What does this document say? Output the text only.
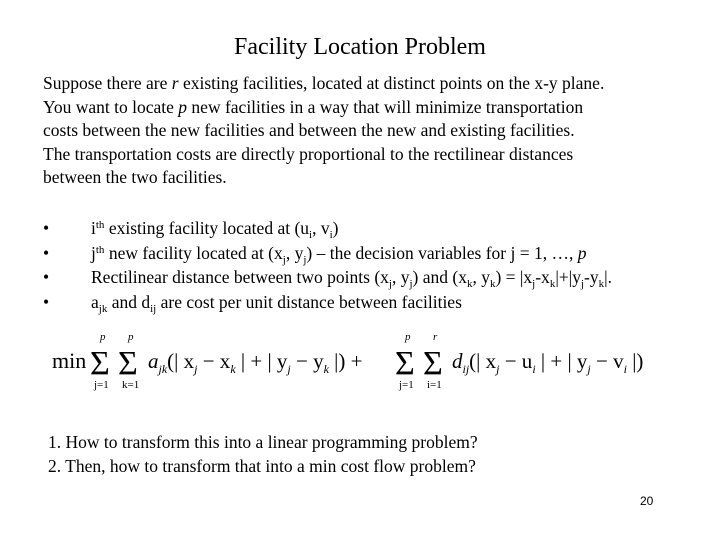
Facility Location Problem
Suppose there are r existing facilities, located at distinct points on the x-y plane.
You want to locate p new facilities in a way that will minimize transportation
costs between the new facilities and between the new and existing facilities.
The transportation costs are directly proportional to the rectilinear distances
between the two facilities.
• $i^{th}$ existing facility located at ($u_i$, $v_i$)
• $j^{th}$ new facility located at ($x_j$, $y_j$) – the decision variables for j = 1, …, p
• Rectilinear distance between two points ($x_j$, $y_j$) and ($x_k$, $y_k) = |x_j-x_k|+|y_j-y_k|$.
• $a_{jk}$ and $d_{ij}$ are cost per unit distance between facilities
min
p
Σ
j=1
p
Σ
k=1
$a_{jk}(|$ $x_j - x_k$ | + | $y_j - y_k$ |) +
p
Σ
j=1
r
Σ
i=1
$d_{ij}(|$ $x_j - u_i$ | + | $y_j - v_i$ |)
1. How to transform this into a linear programming problem?
2. Then, how to transform that into a min cost flow problem?
20
